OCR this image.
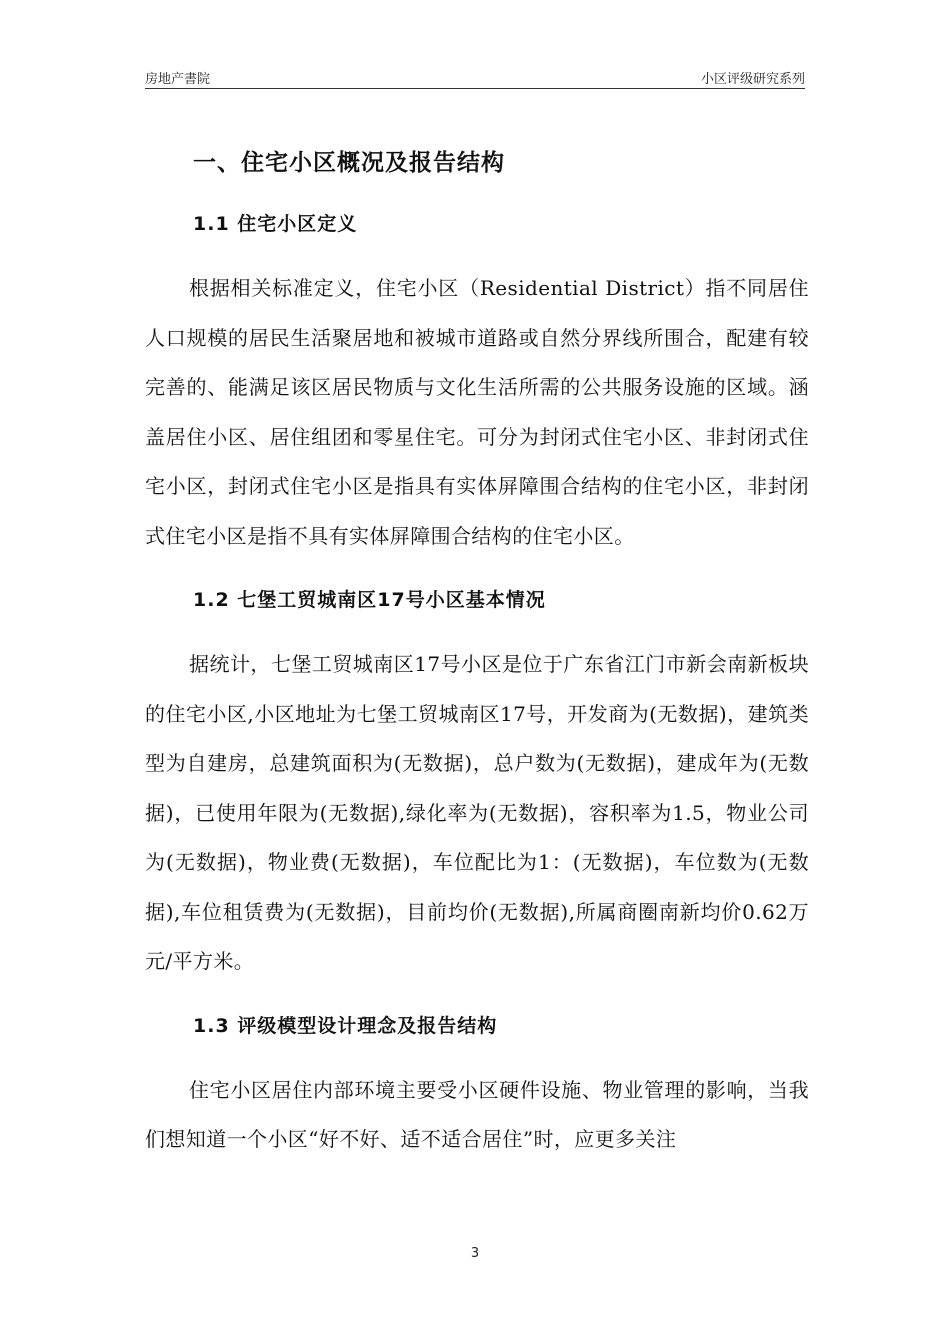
房地产書院	小区评级研究系列
一、住宅小区概况及报告结构
1.1 住宅小区定义

根据相关标准定义，住宅小区（Residential District）指不同居住人口规模的居民生活聚居地和被城市道路或自然分界线所围合，配建有较完善的、能满足该区居民物质与文化生活所需的公共服务设施的区域。涵盖居住小区、居住组团和零星住宅。可分为封闭式住宅小区、非封闭式住宅小区，封闭式住宅小区是指具有实体屏障围合结构的住宅小区，非封闭式住宅小区是指不具有实体屏障围合结构的住宅小区。

1.2 七堡工贸城南区17号小区基本情况

据统计，七堡工贸城南区17号小区是位于广东省江门市新会南新板块的住宅小区,小区地址为七堡工贸城南区17号，开发商为(无数据)，建筑类型为自建房，总建筑面积为(无数据)，总户数为(无数据)，建成年为(无数据)，已使用年限为(无数据),绿化率为(无数据)，容积率为1.5，物业公司为(无数据)，物业费(无数据)，车位配比为1：(无数据)，车位数为(无数据),车位租赁费为(无数据)，目前均价(无数据),所属商圈南新均价0.62万元/平方米。

1.3 评级模型设计理念及报告结构

住宅小区居住内部环境主要受小区硬件设施、物业管理的影响，当我们想知道一个小区“好不好、适不适合居住”时，应更多关注

3
